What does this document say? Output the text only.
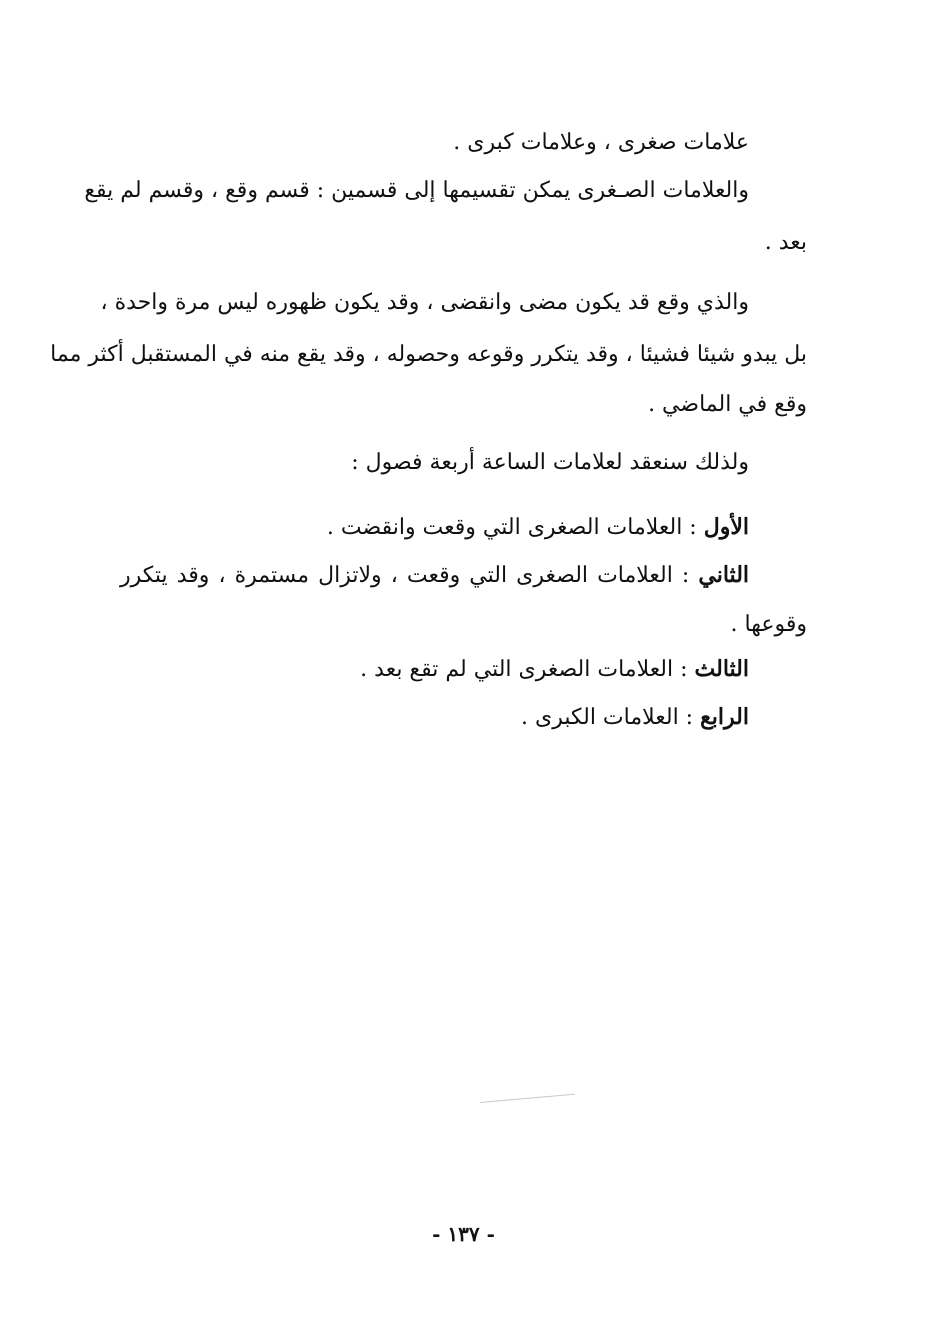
علامات صغرى ، وعلامات كبرى .
والعلامات الصـغرى يمكن تقسيمها إلى قسمين : قسم وقع ، وقسم لم يقع
بعد .
والذي وقع قد يكون مضى وانقضى ، وقد يكون ظهوره ليس مرة واحدة ،
بل يبدو شيئا فشيئا ، وقد يتكرر وقوعه وحصوله ، وقد يقع منه في المستقبل أكثر مما
وقع في الماضي .
ولذلك سنعقد لعلامات الساعة أربعة فصول :
الأول : العلامات الصغرى التي وقعت وانقضت .
الثاني : العلامات الصغرى التي وقعت ، ولاتزال مستمرة ، وقد يتكرر
وقوعها .
الثالث : العلامات الصغرى التي لم تقع بعد .
الرابع : العلامات الكبرى .
- ١٣٧ -
